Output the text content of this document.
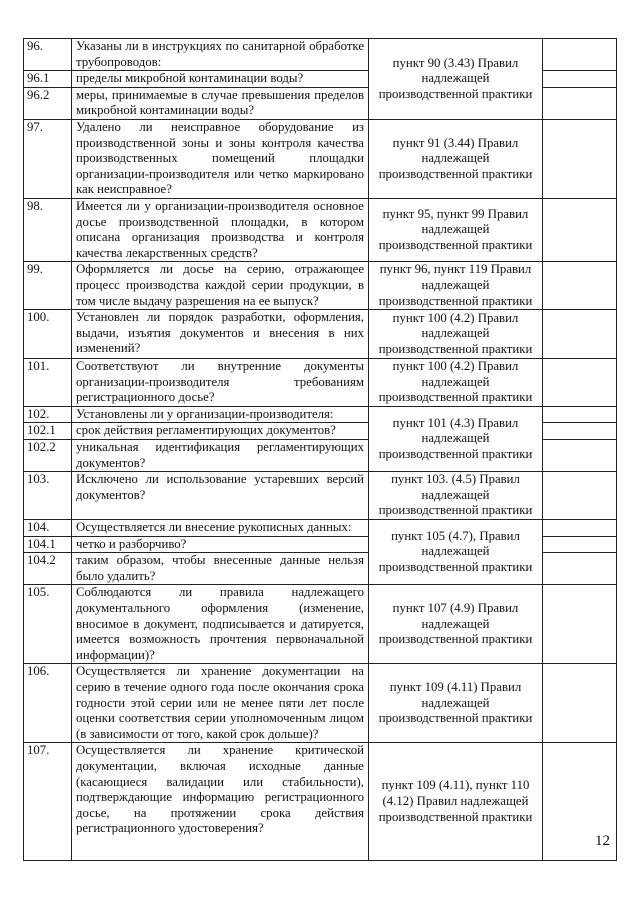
96.	Указаны ли в инструкциях по санитарной обработке трубопроводов:	пункт 90 (3.43) Правил надлежащей производственной практики	
96.1	пределы микробной контаминации воды?		
96.2	меры, принимаемые в случае превышения пределов микробной контаминации воды?		
97.	Удалено ли неисправное оборудование из производственной зоны и зоны контроля качества производственных помещений площадки организации-производителя или четко маркировано как неисправное?	пункт 91 (3.44) Правил надлежащей производственной практики	
98.	Имеется ли у организации-производителя основное досье производственной площадки, в котором описана организация производства и контроля качества лекарственных средств?	пункт 95, пункт 99 Правил надлежащей производственной практики	
99.	Оформляется ли досье на серию, отражающее процесс производства каждой серии продукции, в том числе выдачу разрешения на ее выпуск?	пункт 96, пункт 119 Правил надлежащей производственной практики	
100.	Установлен ли порядок разработки, оформления, выдачи, изъятия документов и внесения в них изменений?	пункт 100 (4.2) Правил надлежащей производственной практики	
101.	Соответствуют ли внутренние документы организации-производителя требованиям регистрационного досье?	пункт 100 (4.2) Правил надлежащей производственной практики	
102.	Установлены ли у организации-производителя:	пункт 101 (4.3) Правил надлежащей производственной практики	
102.1	срок действия регламентирующих документов?		
102.2	уникальная идентификация регламентирующих документов?		
103.	Исключено ли использование устаревших версий документов?	пункт 103. (4.5) Правил надлежащей производственной практики	
104.	Осуществляется ли внесение рукописных данных:	пункт 105 (4.7), Правил надлежащей производственной практики	
104.1	четко и разборчиво?		
104.2	таким образом, чтобы внесенные данные нельзя было удалить?		
105.	Соблюдаются ли правила надлежащего документального оформления (изменение, вносимое в документ, подписывается и датируется, имеется возможность прочтения первоначальной информации)?	пункт 107 (4.9) Правил надлежащей производственной практики	
106.	Осуществляется ли хранение документации на серию в течение одного года после окончания срока годности этой серии или не менее пяти лет после оценки соответствия серии уполномоченным лицом (в зависимости от того, какой срок дольше)?	пункт 109 (4.11) Правил надлежащей производственной практики	
107.	Осуществляется ли хранение критической документации, включая исходные данные (касающиеся валидации или стабильности), подтверждающие информацию регистрационного досье, на протяжении срока действия регистрационного удостоверения?	пункт 109 (4.11), пункт 110 (4.12) Правил надлежащей производственной практики	
12
